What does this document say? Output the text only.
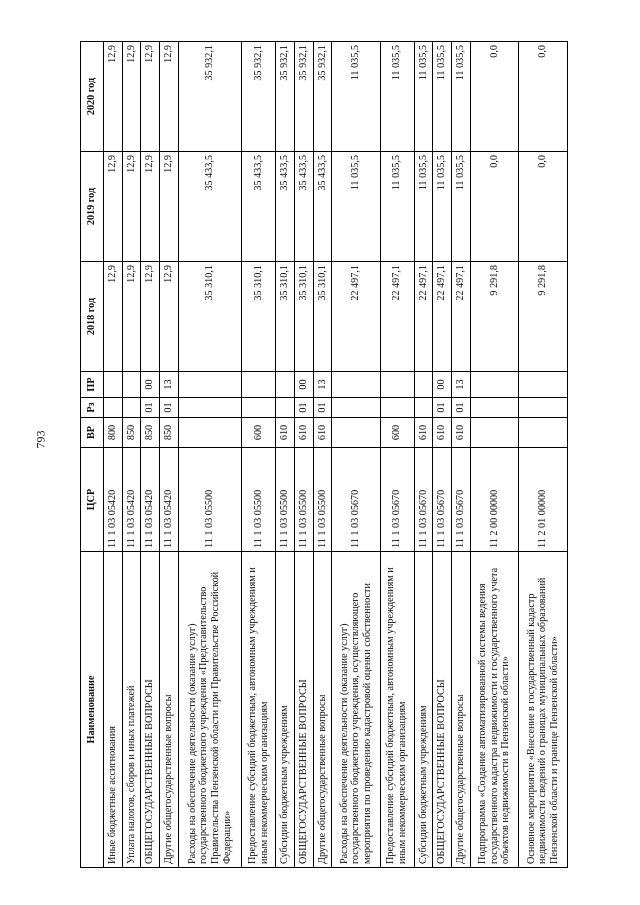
793
Наименование	ЦСР	ВР	Рз	ПР	2018 год	2019 год	2020 год
Иные бюджетные ассигнования	11 1 03 05420	800			12,9	12,9	12,9
Уплата налогов, сборов и иных платежей	11 1 03 05420	850			12,9	12,9	12,9
ОБЩЕГОСУДАРСТВЕННЫЕ ВОПРОСЫ	11 1 03 05420	850	01	00	12,9	12,9	12,9
Другие общегосударственные вопросы	11 1 03 05420	850	01	13	12,9	12,9	12,9
Расходы на обеспечение деятельности (оказание услуг) государственного бюджетного учреждения «Представительство Правительства Пензенской области при Правительстве Российской Федерации»	11 1 03 05500				35 310,1	35 433,5	35 932,1
Предоставление субсидий бюджетным, автономным учреждениям и иным некоммерческим организациям	11 1 03 05500	600			35 310,1	35 433,5	35 932,1
Субсидии бюджетным учреждениям	11 1 03 05500	610			35 310,1	35 433,5	35 932,1
ОБЩЕГОСУДАРСТВЕННЫЕ ВОПРОСЫ	11 1 03 05500	610	01	00	35 310,1	35 433,5	35 932,1
Другие общегосударственные вопросы	11 1 03 05500	610	01	13	35 310,1	35 433,5	35 932,1
Расходы на обеспечение деятельности (оказание услуг) государственного бюджетного учреждения, осуществляющего мероприятия по проведению кадастровой оценки собственности	11 1 03 05670				22 497,1	11 035,5	11 035,5
Предоставление субсидий бюджетным, автономным учреждениям и иным некоммерческим организациям	11 1 03 05670	600			22 497,1	11 035,5	11 035,5
Субсидии бюджетным учреждениям	11 1 03 05670	610			22 497,1	11 035,5	11 035,5
ОБЩЕГОСУДАРСТВЕННЫЕ ВОПРОСЫ	11 1 03 05670	610	01	00	22 497,1	11 035,5	11 035,5
Другие общегосударственные вопросы	11 1 03 05670	610	01	13	22 497,1	11 035,5	11 035,5
Подпрограмма «Создание автоматизированной системы ведения государственного кадастра недвижимости и государственного учета объектов недвижимости в Пензенской области»	11 2 00 00000				9 291,8	0,0	0,0
Основное мероприятие «Внесение в государственный кадастр недвижимости сведений о границах муниципальных образований Пензенской области и границе Пензенской области»	11 2 01 00000				9 291,8	0,0	0,0
